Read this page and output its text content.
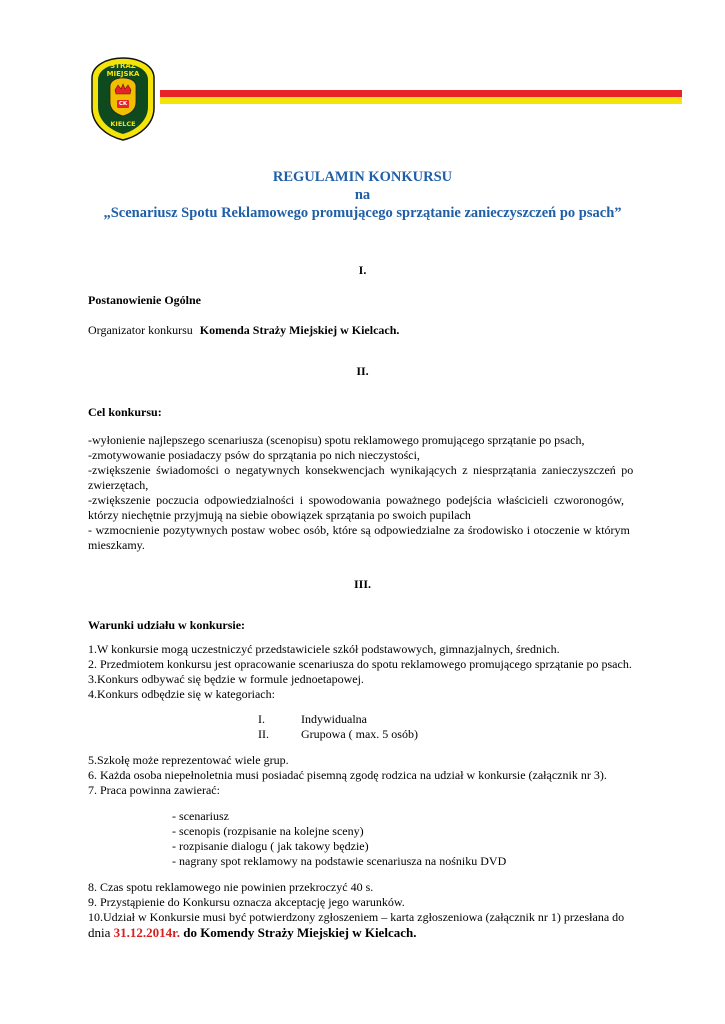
STRAŻ
MIEJSKA
CK
KIELCE
REGULAMIN KONKURSU
na
„Scenariusz Spotu Reklamowego promującego sprzątanie zanieczyszczeń po psach”
I.
Postanowienie Ogólne
Organizator konkursu Komenda Straży Miejskiej w Kielcach.
II.
Cel konkursu:
-wyłonienie najlepszego scenariusza (scenopisu) spotu reklamowego promującego sprzątanie po psach,
-zmotywowanie posiadaczy psów do sprzątania po nich nieczystości,
-zwiększenie świadomości o negatywnych konsekwencjach wynikających z niesprzątania zanieczyszczeń po
zwierzętach,
-zwiększenie poczucia odpowiedzialności i spowodowania poważnego podejścia właścicieli czworonogów,
którzy niechętnie przyjmują na siebie obowiązek sprzątania po swoich pupilach
- wzmocnienie pozytywnych postaw wobec osób, które są odpowiedzialne za środowisko i otoczenie w którym
mieszkamy.
III.
Warunki udziału w konkursie:
1.W konkursie mogą uczestniczyć przedstawiciele szkół podstawowych, gimnazjalnych, średnich.
2. Przedmiotem konkursu jest opracowanie scenariusza do spotu reklamowego promującego sprzątanie po psach.
3.Konkurs odbywać się będzie w formule jednoetapowej.
4.Konkurs odbędzie się w kategoriach:
I.	Indywidualna
II.	Grupowa ( max. 5 osób)
5.Szkołę może reprezentować wiele grup.
6. Każda osoba niepełnoletnia musi posiadać pisemną zgodę rodzica na udział w konkursie (załącznik nr 3).
7. Praca powinna zawierać:
- scenariusz
- scenopis (rozpisanie na kolejne sceny)
- rozpisanie dialogu ( jak takowy będzie)
- nagrany spot reklamowy na podstawie scenariusza na nośniku DVD
8. Czas spotu reklamowego nie powinien przekroczyć 40 s.
9. Przystąpienie do Konkursu oznacza akceptację jego warunków.
10.Udział w Konkursie musi być potwierdzony zgłoszeniem – karta zgłoszeniowa (załącznik nr 1) przesłana do
dnia 31.12.2014r. do Komendy Straży Miejskiej w Kielcach.
